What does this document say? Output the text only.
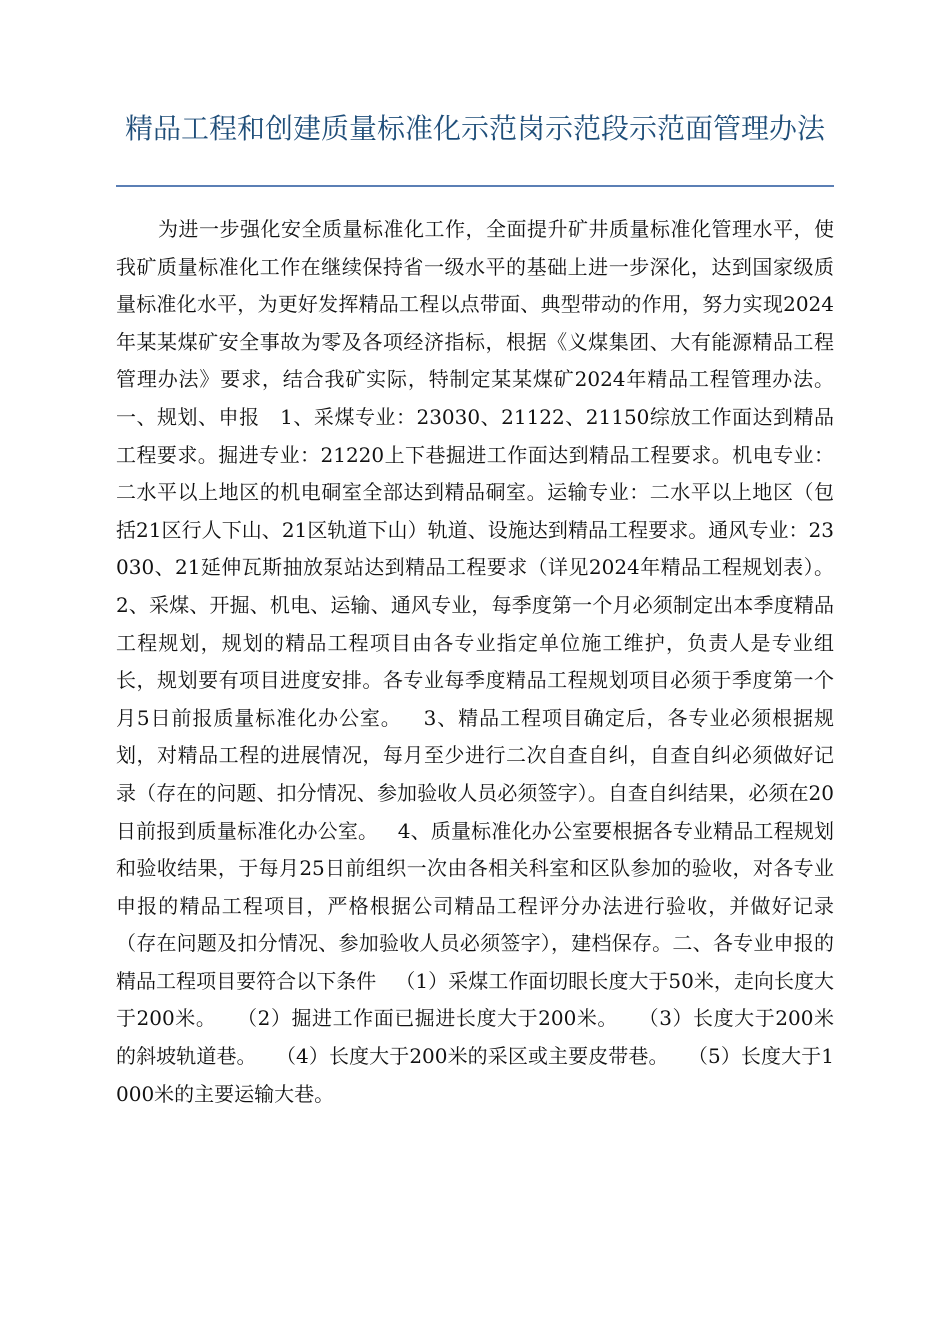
精品工程和创建质量标准化示范岗示范段示范面管理办法

为进一步强化安全质量标准化工作，全面提升矿井质量标准化管理水平，使我矿质量标准化工作在继续保持省一级水平的基础上进一步深化，达到国家级质量标准化水平，为更好发挥精品工程以点带面、典型带动的作用，努力实现2024年某某煤矿安全事故为零及各项经济指标，根据《义煤集团、大有能源精品工程管理办法》要求，结合我矿实际，特制定某某煤矿2024年精品工程管理办法。   一、规划、申报   1、采煤专业：23030、21122、21150综放工作面达到精品工程要求。掘进专业：21220上下巷掘进工作面达到精品工程要求。机电专业：二水平以上地区的机电硐室全部达到精品硐室。运输专业：二水平以上地区（包括21区行人下山、21区轨道下山）轨道、设施达到精品工程要求。通风专业：23030、21延伸瓦斯抽放泵站达到精品工程要求（详见2024年精品工程规划表）。   2、采煤、开掘、机电、运输、通风专业，每季度第一个月必须制定出本季度精品工程规划，规划的精品工程项目由各专业指定单位施工维护，负责人是专业组长，规划要有项目进度安排。各专业每季度精品工程规划项目必须于季度第一个月5日前报质量标准化办公室。   3、精品工程项目确定后，各专业必须根据规划，对精品工程的进展情况，每月至少进行二次自查自纠，自查自纠必须做好记录（存在的问题、扣分情况、参加验收人员必须签字）。自查自纠结果，必须在20日前报到质量标准化办公室。   4、质量标准化办公室要根据各专业精品工程规划和验收结果，于每月25日前组织一次由各相关科室和区队参加的验收，对各专业申报的精品工程项目，严格根据公司精品工程评分办法进行验收，并做好记录（存在问题及扣分情况、参加验收人员必须签字），建档保存。二、各专业申报的精品工程项目要符合以下条件   （1）采煤工作面切眼长度大于50米，走向长度大于200米。   （2）掘进工作面已掘进长度大于200米。   （3）长度大于200米的斜坡轨道巷。   （4）长度大于200米的采区或主要皮带巷。   （5）长度大于1000米的主要运输大巷。
